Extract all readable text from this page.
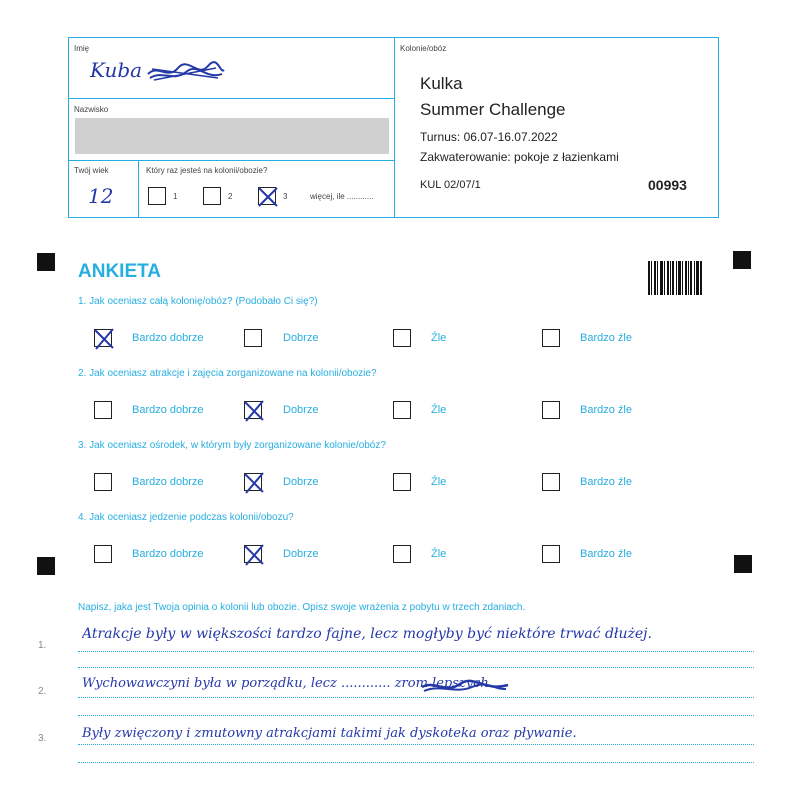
Imię
Kuba
Nazwisko
Twój wiek
12
Który raz jesteś na kolonii/obozie?
1	2	3	więcej, ile ............
Kolonie/obóz
Kulka
Summer Challenge
Turnus: 06.07-16.07.2022
Zakwaterowanie: pokoje z łazienkami
KUL 02/07/1	00993
ANKIETA
1. Jak oceniasz całą kolonię/obóz? (Podobało Ci się?)
Bardzo dobrze	Dobrze	Źle	Bardzo źle
2. Jak oceniasz atrakcje i zajęcia zorganizowane na kolonii/obozie?
Bardzo dobrze	Dobrze	Źle	Bardzo źle
3. Jak oceniasz ośrodek, w którym były zorganizowane kolonie/obóz?
Bardzo dobrze	Dobrze	Źle	Bardzo źle
4. Jak oceniasz jedzenie podczas kolonii/obozu?
Bardzo dobrze	Dobrze	Źle	Bardzo źle
Napisz, jaka jest Twoja opinia o kolonii lub obozie. Opisz swoje wrażenia z pobytu w trzech zdaniach.
1.
Atrakcje były w większości tardzo fajne, lecz mogłyby być niektóre trwać dłużej.
2.
Wychowawczyni była w porządku, lecz ............ zrom lepszych.
3.	Były zwięczony i zmutowny atrakcjami takimi jak dyskoteka oraz pływanie.
